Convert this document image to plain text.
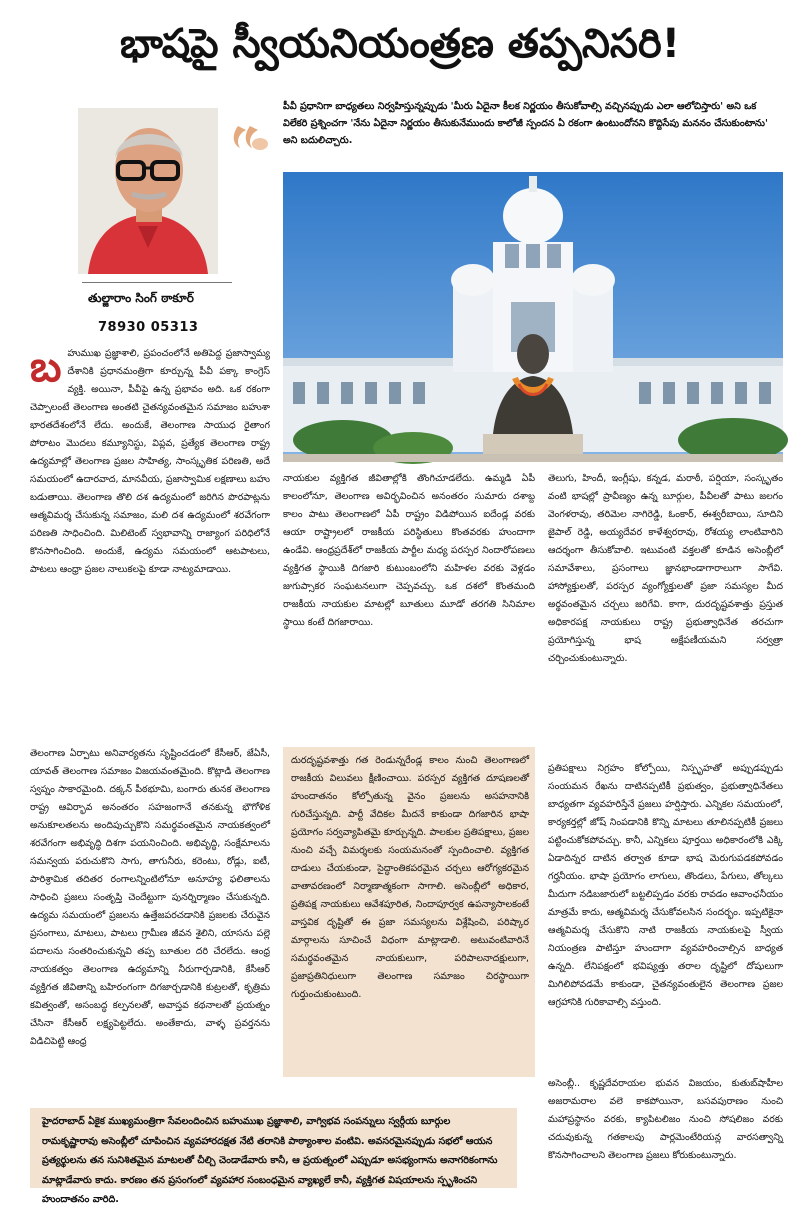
భాషపై స్వీయనియంత్రణ తప్పనిసరి!
తుల్జారాం సింగ్ ఠాకూర్
78930 05313
పీవీ ప్రధానిగా బాధ్యతలు నిర్వహిస్తున్నప్పుడు 'మీరు ఏదైనా కీలక నిర్ణయం తీసుకోవాల్సి వచ్చినప్పుడు ఎలా ఆలోచిస్తారు' అని ఒక విలేకరి ప్రశ్నించగా 'నేను ఏదైనా నిర్ణయం తీసుకునేముందు కాలోజీ స్పందన ఏ రకంగా ఉంటుందోనని కొద్దిసేపు మననం చేసుకుంటాను' అని బదులిచ్చారు.
బహుముఖ ప్రజ్ఞాశాలి, ప్రపంచంలోనే అతిపెద్ద ప్రజాస్వామ్య దేశానికి ప్రధానమంత్రిగా కూర్చున్న పీవీ పక్కా కాంగ్రెస్ వ్యక్తి. అయినా, పీవీపై ఉన్న ప్రభావం అది. ఒక రకంగా చెప్పాలంటే తెలంగాణ అంతటి చైతన్యవంతమైన సమాజం బహుశా భారతదేశంలోనే లేదు. అందుకే, తెలంగాణ సాయుధ రైతాంగ పోరాటం మొదలు కమ్యూనిస్టు, విప్లవ, ప్రత్యేక తెలంగాణ రాష్ట్ర ఉద్యమాల్లో తెలంగాణ ప్రజల సాహిత్య, సాంస్కృతిక పరిణతి, అదే సమయంలో ఉదారవాద, మానవీయ, ప్రజాస్వామిక లక్షణాలు బహు బడుతాయి. తెలంగాణ తొలి దశ ఉద్యమంలో జరిగిన పొరపాట్లను ఆత్మవిమర్శ చేసుకున్న సమాజం, మలి దశ ఉద్యమంలో శరవేగంగా పరిణతి సాధించింది. మిలిటెంట్ స్వభావాన్ని రాజ్యాంగ పరిధిలోనే కొనసాగించింది. అందుకే, ఉద్యమ సమయంలో ఆటపాటలు, పాటలు ఆంధ్రా ప్రజల నాలుకలపై కూడా నాట్యమాడాయి.

తెలంగాణ ఏర్పాటు అనివార్యతను సృష్టించడంలో కేసీఆర్, జేఏసీ, యావత్ తెలంగాణ సమాజం విజయవంతమైంది. కొట్లాడి తెలంగాణ స్వప్నం సాకారమైంది. దక్కన్ పీఠభూమి, బంగారు తునక తెలంగాణ రాష్ట్ర ఆవిర్భావ అనంతరం సహజంగానే తనకున్న భౌగోళిక అనుకూలతలను అందిపుచ్చుకొని సమర్థవంతమైన నాయకత్వంలో శరవేగంగా అభివృద్ధి దిశగా పయనించింది. అభివృద్ధి, సంక్షేమాలను సమన్వయ పరుచుకొని సాగు, తాగునీరు, కరెంటు, రోడ్లు, ఐటీ, పారిశ్రామిక తదితర రంగాలన్నింటిలోనూ అనూహ్య ఫలితాలను సాధించి ప్రజలు సంతృప్తి చెందేట్టుగా పునర్నిర్మాణం చేసుకున్నది. ఉద్యమ సమయంలో ప్రజలను ఉత్తేజపరచడానికి ప్రజలకు చేరువైన ప్రసంగాలు, మాటలు, పాటలు గ్రామీణ జీవన శైలిని, యాసను పల్లె పదాలను సంతరించుకున్నవి తప్ప బూతుల దరి చేరలేదు. ఆంధ్ర నాయకత్వం తెలంగాణ ఉద్యమాన్ని నీరుగార్చడానికి, కేసీఆర్ వ్యక్తిగత జీవితాన్ని బహిరంగంగా దిగజార్చడానికి కుట్రలతో, కృత్రిమ కవిత్వంతో, అసంబద్ధ కల్పనలతో, అవాస్తవ కథనాలతో ప్రయత్నం చేసినా కేసీఆర్ లక్ష్యపెట్టలేదు. అంతేకాదు, వాళ్ళ ప్రవర్తనను విడిచిపెట్టి ఆంధ్ర

నాయకుల వ్యక్తిగత జీవితాల్లోకి తొంగిచూడలేదు. ఉమ్మడి ఏపీ కాలంలోనూ, తెలంగాణ అవిర్భవించిన అనంతరం సుమారు దశాబ్ద కాలం పాటు తెలంగాణలో ఏపీ రాష్ట్రం విడిపోయిన ఐదేండ్ల వరకు ఆయా రాష్ట్రాలలో రాజకీయ పరిస్థితులు కొంతవరకు హుందాగా ఉండేవి. ఆంధ్రప్రదేశ్‌లో రాజకీయ పార్టీల మధ్య పరస్పర నిందారోపణలు వ్యక్తిగత స్థాయికి దిగజారి కుటుంబంలోని మహిళల వరకు వెళ్లడం జుగుప్సాకర సంఘటనలుగా చెప్పవచ్చు. ఒక దశలో కొంతమంది రాజకీయ నాయకుల మాటల్లో బూతులు మూడో తరగతి సినిమాల స్థాయి కంటే దిగజారాయి.

దురదృష్టవశాత్తు గత రెండున్నరేండ్ల కాలం నుంచి తెలంగాణలో రాజకీయ విలువలు క్షీణించాయి. పరస్పర వ్యక్తిగత దూషణలతో హుందాతనం కోల్పోతున్న వైనం ప్రజలను అసహనానికి గురిచేస్తున్నది. పార్టీ వేదికల మీదనే కాకుండా దిగజారిన భాషా ప్రయోగం సర్వవ్యాపితమై కూర్చున్నది. పాలకుల ప్రతిపక్షాలు, ప్రజల నుంచి వచ్చే విమర్శలకు సంయమనంతో స్పందించాలి. వ్యక్తిగత దాడులు చేయకుండా, సైద్ధాంతికపరమైన చర్చలు ఆరోగ్యకరమైన వాతావరణంలో నిర్మాణాత్మకంగా సాగాలి. అసెంబ్లీలో అధికార, ప్రతిపక్ష నాయకులు ఆవేశపూరిత, నిందాపూర్వక ఉపన్యాసాలకంటే వాస్తవిక దృష్టితో ఈ ప్రజా సమస్యలను విశ్లేషించి, పరిష్కార మార్గాలను సూచించే విధంగా మాట్లాడాలి. అటువంటివారినే సమర్థవంతమైన నాయకులుగా, పరిపాలనాదక్షులుగా, ప్రజాప్రతినిధులుగా తెలంగాణ సమాజం చిరస్థాయిగా గుర్తుంచుకుంటుంది.

తెలుగు, హిందీ, ఇంగ్లీషు, కన్నడ, మరాఠీ, పర్షియా, సంస్కృతం వంటి భాషల్లో ప్రావీణ్యం ఉన్న బూర్గుల, పీవీలతో పాటు జలగం వెంగళరావు, తరిమెల నాగిరెడ్డి, ఓంకార్, ఈశ్వరీబాయి, సూదిని జైపాల్ రెడ్డి, అయ్యదేవర కాళేశ్వరరావు, రోశయ్య లాంటివారిని ఆదర్శంగా తీసుకోవాలి. ఇటువంటి వక్తలతో కూడిన అసెంబ్లీలో సమావేశాలు, ప్రసంగాలు జ్ఞానభాండాగారాలుగా సాగేవి. హాస్యోక్తులతో, పరస్పర వ్యంగ్యోక్తులతో ప్రజా సమస్యల మీద అర్థవంతమైన చర్చలు జరిగేవి. కాగా, దురదృష్టవశాత్తు ప్రస్తుత అధికారపక్ష నాయకులు రాష్ట్ర ప్రభుత్వాధినేత తరచుగా ప్రయోగిస్తున్న భాష అక్షేపణీయమని సర్వత్రా చర్చించుకుంటున్నారు.

ప్రతిపక్షాలు నిగ్రహం కోల్పోయి, నిస్పృహతో అప్పుడప్పుడు సంయమన రేఖను దాటినప్పటికీ ప్రభుత్వం, ప్రభుత్వాధినేతలు బాధ్యతగా వ్యవహరిస్తేనే ప్రజలు హర్షిస్తారు. ఎన్నికల సమయంలో, కార్యకర్తల్లో జోష్ నింపడానికి కొన్ని మాటలు తూలినప్పటికీ ప్రజలు పట్టించుకోకపోవచ్చు. కానీ, ఎన్నికలు పూర్తయి అధికారంలోకి ఎక్కి ఏడాదిన్నర దాటిన తర్వాత కూడా భాష మెరుగుపడకపోవడం గర్హనీయం. భాషా ప్రయోగం లాగులు, తొండలు, పేగులు, తోల్కలు మీదుగా నడిబజారులో బట్టలిప్పడం వరకు రావడం ఆవాంఛనీయం మాత్రమే కాదు, ఆత్మవిమర్శ చేసుకోవలసిన సందర్భం. ఇప్పటికైనా ఆత్మవిమర్శ చేసుకొని నాటి రాజకీయ నాయకులపై స్వీయ నియంత్రణ పాటిస్తూ హుందాగా వ్యవహరించాల్సిన బాధ్యత ఉన్నది. లేనిపక్షంలో భవిష్యత్తు తరాల దృష్టిలో దోషులుగా మిగిలిపోవడమే కాకుండా, చైతన్యవంతులైన తెలంగాణ ప్రజల ఆగ్రహానికి గురికావాల్సి వస్తుంది.

అసెంబ్లీ.. కృష్ణదేవరాయల భువన విజయం, కుతుబ్‌షాహీల అజరామరాల వలె కాకపోయినా, బసవపురాణం నుంచి మహాప్రస్థానం వరకు, క్యాపిటలిజం నుంచి సోషలిజం వరకు చదువుకున్న గతకాలపు పార్లమెంటేరియన్ల వారసత్వాన్ని కొనసాగించాలని తెలంగాణ ప్రజలు కోరుకుంటున్నారు.

హైదరాబాద్ ఏకైక ముఖ్యమంత్రిగా సేవలందించిన బహుముఖ ప్రజ్ఞాశాలి, వాగ్విభవ సంపన్నులు స్వర్గీయ బూర్గుల రామకృష్ణారావు అసెంబ్లీలో చూపించిన వ్యవహారదక్షత నేటి తరానికి పాఠ్యాంశాల వంటివి. అవసరమైనప్పుడు సభలో ఆయన ప్రత్యర్థులను తన సునిశితమైన మాటలతో చీల్చి చెండాడేవారు కానీ, ఆ ప్రయత్నంలో ఎప్పుడూ అసభ్యంగాను అనాగరికంగాను మాట్లాడేవారు కాదు. కారణం తన ప్రసంగంలో వ్యవహార సంబంధమైన వ్యాఖ్యలే కానీ, వ్యక్తిగత విషయాలను స్పృశించని హుందాతనం వారిది.
